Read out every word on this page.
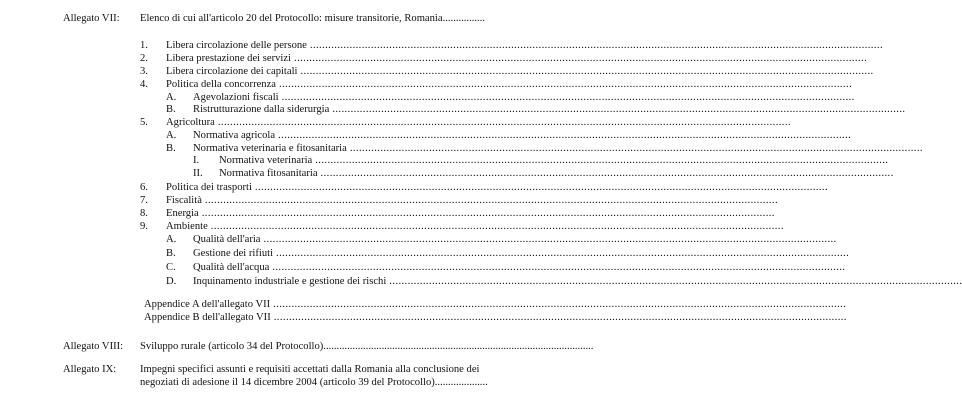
Allegato VII: Elenco di cui all'articolo 20 del Protocollo: misure transitorie, Romania................
1. Libera circolazione delle persone ............................................................................................................................................................................................
2. Libera prestazione dei servizi ............................................................................................................................................................................................
3. Libera circolazione dei capitali ............................................................................................................................................................................................
4. Politica della concorrenza ............................................................................................................................................................................................
A. Agevolazioni fiscali ............................................................................................................................................................................................
B. Ristrutturazione dalla siderurgia ............................................................................................................................................................................................
5. Agricoltura ............................................................................................................................................................................................
A. Normativa agricola ............................................................................................................................................................................................
B. Normativa veterinaria e fitosanitaria ............................................................................................................................................................................................
I. Normativa veterinaria ............................................................................................................................................................................................
II. Normativa fitosanitaria ............................................................................................................................................................................................
6. Politica dei trasporti ............................................................................................................................................................................................
7. Fiscalità ............................................................................................................................................................................................
8. Energia ............................................................................................................................................................................................
9. Ambiente ............................................................................................................................................................................................
A. Qualità dell'aria ............................................................................................................................................................................................
B. Gestione dei rifiuti ............................................................................................................................................................................................
C. Qualità dell'acqua ............................................................................................................................................................................................
D. Inquinamento industriale e gestione dei rischi ............................................................................................................................................................................................
Appendice A dell'allegato VII ............................................................................................................................................................................................
Appendice B dell'allegato VII ............................................................................................................................................................................................
Allegato VIII: Sviluppo rurale (articolo 34 del Protocollo)......................................................................................................
Allegato IX: Impegni specifici assunti e requisiti accettati dalla Romania alla conclusione dei
negoziati di adesione il 14 dicembre 2004 (articolo 39 del Protocollo)....................
